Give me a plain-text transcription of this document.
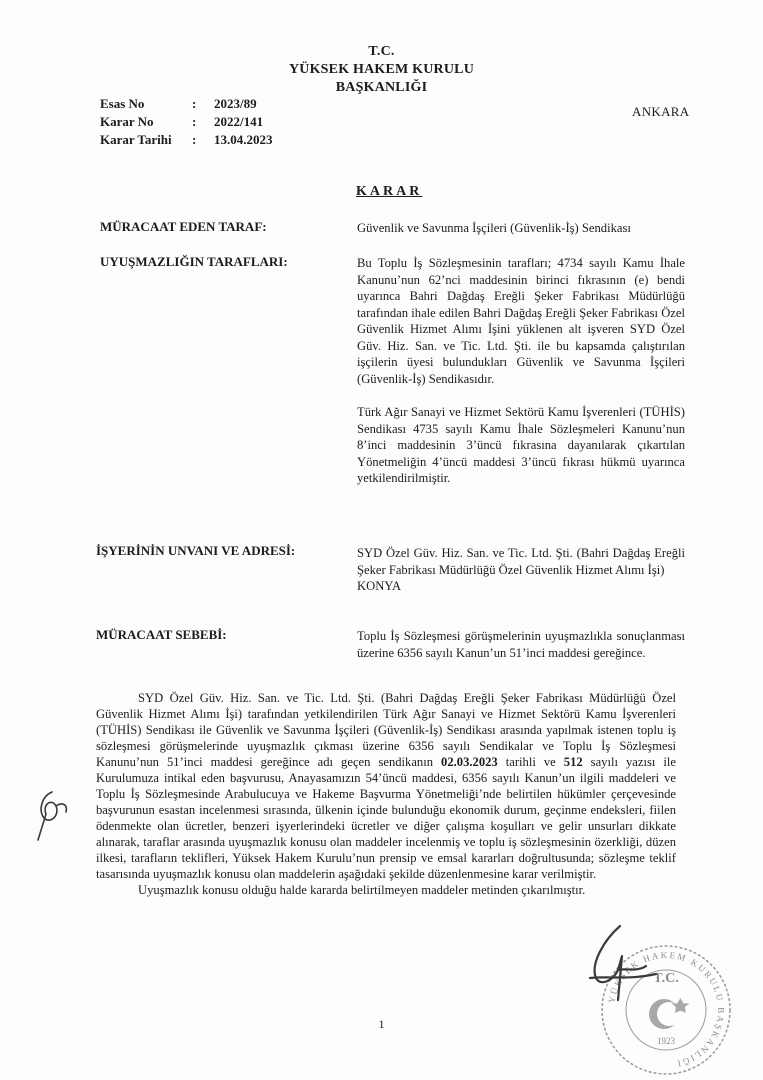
T.C.
YÜKSEK HAKEM KURULU
BAŞKANLIĞI
Esas No	:	2023/89
Karar No	:	2022/141
Karar Tarihi	:	13.04.2023
ANKARA
KARAR
MÜRACAAT EDEN TARAF:	Güvenlik ve Savunma İşçileri (Güvenlik-İş) Sendikası
UYUŞMAZLIĞIN TARAFLARI:	Bu Toplu İş Sözleşmesinin tarafları; 4734 sayılı Kamu İhale Kanunu’nun 62’nci maddesinin birinci fıkrasının (e) bendi uyarınca Bahri Dağdaş Ereğli Şeker Fabrikası Müdürlüğü tarafından ihale edilen Bahri Dağdaş Ereğli Şeker Fabrikası Özel Güvenlik Hizmet Alımı İşini yüklenen alt işveren SYD Özel Güv. Hiz. San. ve Tic. Ltd. Şti. ile bu kapsamda çalıştırılan işçilerin üyesi bulundukları Güvenlik ve Savunma İşçileri (Güvenlik-İş) Sendikasıdır.

Türk Ağır Sanayi ve Hizmet Sektörü Kamu İşverenleri (TÜHİS) Sendikası 4735 sayılı Kamu İhale Sözleşmeleri Kanunu’nun 8’inci maddesinin 3’üncü fıkrasına dayanılarak çıkartılan Yönetmeliğin 4’üncü maddesi 3’üncü fıkrası hükmü uyarınca yetkilendirilmiştir.

İŞYERİNİN UNVANI VE ADRESİ:	SYD Özel Güv. Hiz. San. ve Tic. Ltd. Şti. (Bahri Dağdaş Ereğli Şeker Fabrikası Müdürlüğü Özel Güvenlik Hizmet Alımı İşi)

KONYA

MÜRACAAT SEBEBİ:	Toplu İş Sözleşmesi görüşmelerinin uyuşmazlıkla sonuçlanması üzerine 6356 sayılı Kanun’un 51’inci maddesi gereğince.

SYD Özel Güv. Hiz. San. ve Tic. Ltd. Şti. (Bahri Dağdaş Ereğli Şeker Fabrikası Müdürlüğü Özel Güvenlik Hizmet Alımı İşi) tarafından yetkilendirilen Türk Ağır Sanayi ve Hizmet Sektörü Kamu İşverenleri (TÜHİS) Sendikası ile Güvenlik ve Savunma İşçileri (Güvenlik-İş) Sendikası arasında yapılmak istenen toplu iş sözleşmesi görüşmelerinde uyuşmazlık çıkması üzerine 6356 sayılı Sendikalar ve Toplu İş Sözleşmesi Kanunu’nun 51’inci maddesi gereğince adı geçen sendikanın 02.03.2023 tarihli ve 512 sayılı yazısı ile Kurulumuza intikal eden başvurusu, Anayasamızın 54’üncü maddesi, 6356 sayılı Kanun’un ilgili maddeleri ve Toplu İş Sözleşmesinde Arabulucuya ve Hakeme Başvurma Yönetmeliği’nde belirtilen hükümler çerçevesinde başvurunun esastan incelenmesi sırasında, ülkenin içinde bulunduğu ekonomik durum, geçinme endeksleri, fiilen ödenmekte olan ücretler, benzeri işyerlerindeki ücretler ve diğer çalışma koşulları ve gelir unsurları dikkate alınarak, taraflar arasında uyuşmazlık konusu olan maddeler incelenmiş ve toplu iş sözleşmesinin özerkliği, düzen ilkesi, tarafların teklifleri, Yüksek Hakem Kurulu’nun prensip ve emsal kararları doğrultusunda; sözleşme teklif tasarısında uyuşmazlık konusu olan maddelerin aşağıdaki şekilde düzenlenmesine karar verilmiştir.

Uyuşmazlık konusu olduğu halde kararda belirtilmeyen maddeler metinden çıkarılmıştır.

YÜKSEK HAKEM KURULU BAŞKANLIĞI
T.C.
1923
1
